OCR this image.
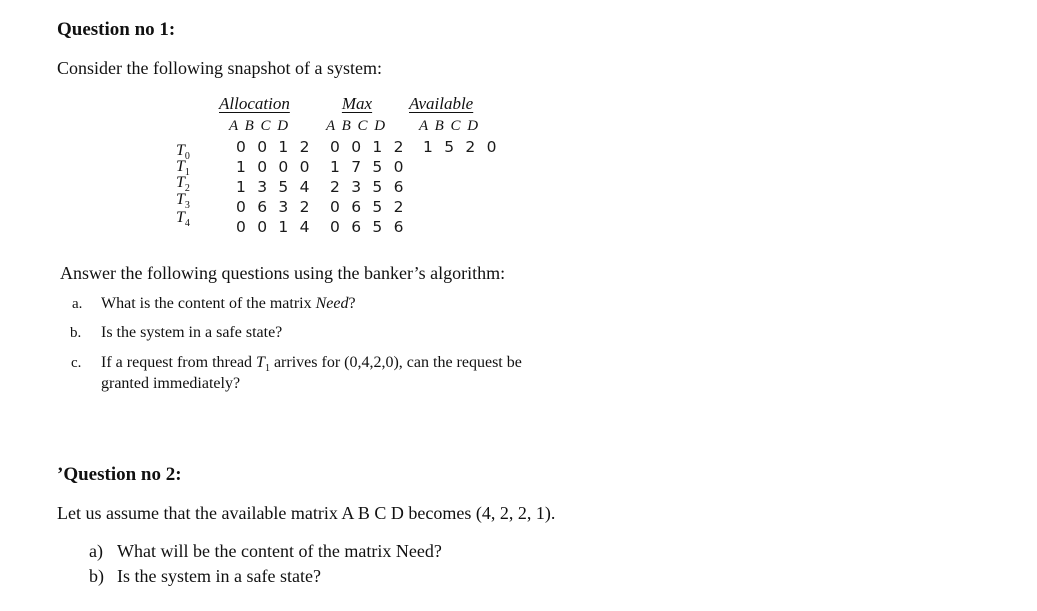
Question no 1:
Consider the following snapshot of a system:
Allocation	Max	Available
A B C D A B C D A B C D
$T_0$
$T_1$
$T_2$
$T_3$
$T_4$
0 0 1 2
1 0 0 0
1 3 5 4
0 6 3 2
0 0 1 4
0 0 1 2
1 7 5 0
2 3 5 6
0 6 5 2
0 6 5 6
1 5 2 0
Answer the following questions using the banker’s algorithm:
a. What is the content of the matrix Need?
b. Is the system in a safe state?
c. If a request from thread $T_1$ arrives for (0,4,2,0), can the request be
granted immediately?
’Question no 2:
Let us assume that the available matrix A B C D becomes (4, 2, 2, 1).
a) What will be the content of the matrix Need?
b) Is the system in a safe state?
